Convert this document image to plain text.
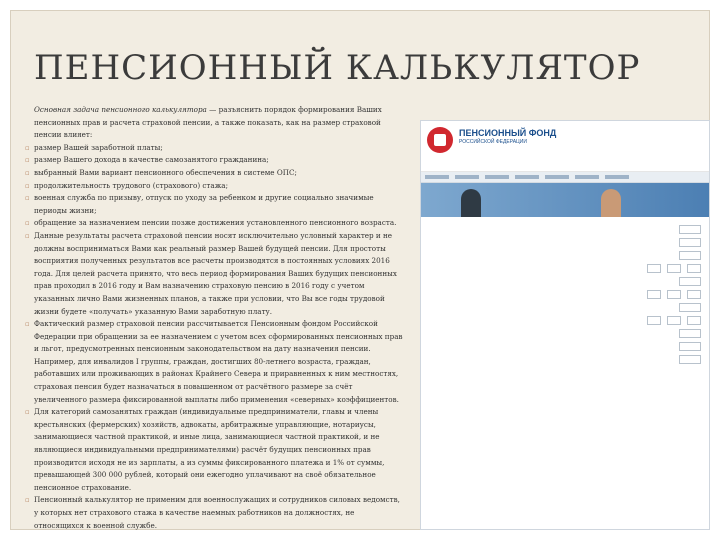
ПЕНСИОННЫЙ КАЛЬКУЛЯТОР

Основная задача пенсионного калькулятора — разъяснить порядок формирования Ваших пенсионных прав и расчета страховой пенсии, а также показать, как на размер страховой пенсии влияет:

▫ размер Вашей заработной платы;
▫ размер Вашего дохода в качестве самозанятого гражданина;
▫ выбранный Вами вариант пенсионного обеспечения в системе ОПС;
▫ продолжительность трудового (страхового) стажа;
▫ военная служба по призыву, отпуск по уходу за ребенком и другие социально значимые периоды жизни;
▫ обращение за назначением пенсии позже достижения установленного пенсионного возраста.
▫ Данные результаты расчета страховой пенсии носят исключительно условный характер и не должны восприниматься Вами как реальный размер Вашей будущей пенсии. Для простоты восприятия полученных результатов все расчеты производятся в постоянных условиях 2016 года. Для целей расчета принято, что весь период формирования Ваших будущих пенсионных прав проходил в 2016 году и Вам назначению страховую пенсию в 2016 году с учетом указанных лично Вами жизненных планов, а также при условии, что Вы все годы трудовой жизни будете «получать» указанную Вами заработную плату.
▫ Фактический размер страховой пенсии рассчитывается Пенсионным фондом Российской Федерации при обращении за ее назначением с учетом всех сформированных пенсионных прав и льгот, предусмотренных пенсионным законодательством на дату назначения пенсии. Например, для инвалидов I группы, граждан, достигших 80-летнего возраста, граждан, работавших или проживающих в районах Крайнего Севера и приравненных к ним местностях, страховая пенсия будет назначаться в повышенном от расчётного размере за счёт увеличенного размера фиксированной выплаты либо применения «северных» коэффициентов.
▫ Для категорий самозанятых граждан (индивидуальные предприниматели, главы и члены крестьянских (фермерских) хозяйств, адвокаты, арбитражные управляющие, нотариусы, занимающиеся частной практикой, и иные лица, занимающиеся частной практикой, и не являющиеся индивидуальными предпринимателями) расчёт будущих пенсионных прав производится исходя не из зарплаты, а из суммы фиксированного платежа и 1% от суммы, превышающей 300 000 рублей, который они ежегодно уплачивают на своё обязательное пенсионное страхование.
▫ Пенсионный калькулятор не применим для военнослужащих и сотрудников силовых ведомств, у которых нет страхового стажа в качестве наемных работников на должностях, не относящихся к военной службе.
ПЕНСИОННЫЙ ФОНД
РОССИЙСКОЙ ФЕДЕРАЦИИ
